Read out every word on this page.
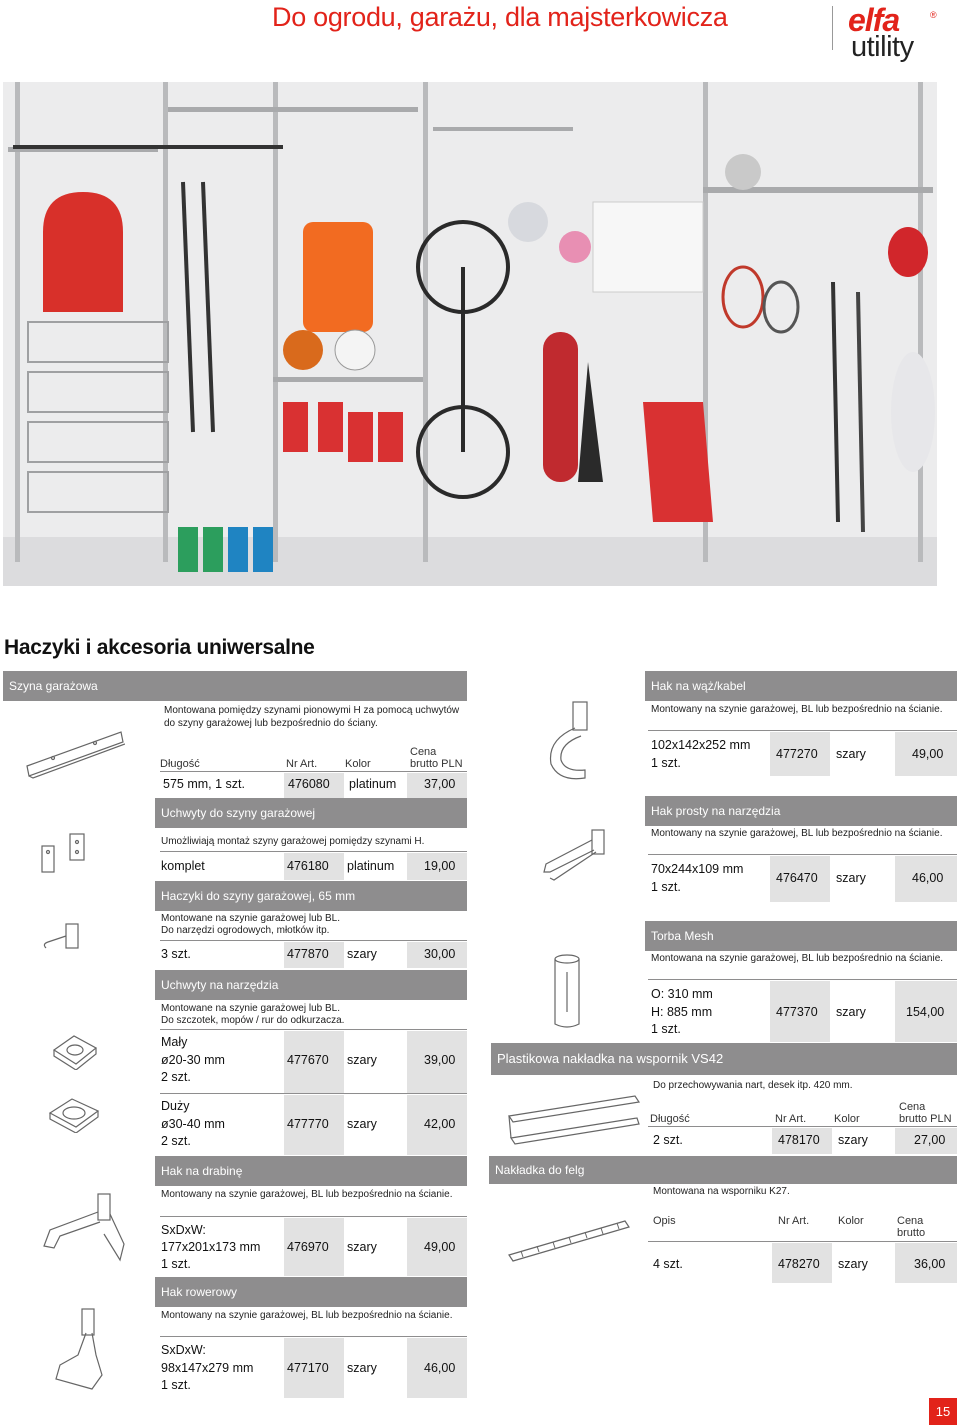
Do ogrodu, garażu, dla majsterkowicza	elfa	®
utility
Haczyki i akcesoria uniwersalne
Szyna garażowa
Montowana pomiędzy szynami pionowymi H za pomocą uchwytów do szyny garażowej lub bezpośrednio do ściany.
Długość	Nr Art.	Kolor
Cena
brutto PLN
575 mm, 1 szt.	476080 platinum 37,00
Uchwyty do szyny garażowej
Umożliwiają montaż szyny garażowej pomiędzy szynami H.
komplet	476180 platinum 19,00
Haczyki do szyny garażowej, 65 mm
Montowane na szynie garażowej lub BL.
Do narzędzi ogrodowych, młotków itp.
3 szt.	477870 szary	30,00
Uchwyty na narzędzia
Montowane na szynie garażowej lub BL.
Do szczotek, mopów / rur do odkurzacza.
Mały
ø20-30 mm
2 szt.
477670 szary	39,00
Duży
ø30-40 mm
2 szt.
477770 szary	42,00
Hak na drabinę
Montowany na szynie garażowej, BL lub bezpośrednio na ścianie.
SxDxW:
177x201x173 mm
1 szt.
476970 szary	49,00
Hak rowerowy
Montowany na szynie garażowej, BL lub bezpośrednio na ścianie.
SxDxW:
98x147x279 mm
1 szt.
477170 szary	46,00
Hak na wąż/kabel
Montowany na szynie garażowej, BL lub bezpośrednio na ścianie.
102x142x252 mm
1 szt.
477270 szary	49,00
Hak prosty na narzędzia
Montowany na szynie garażowej, BL lub bezpośrednio na ścianie.
70x244x109 mm
1 szt.
476470 szary	46,00
Torba Mesh
Montowana na szynie garażowej, BL lub bezpośrednio na ścianie.
O: 310 mm
H: 885 mm
1 szt.
477370 szary	154,00
Plastikowa nakładka na wspornik VS42
Do przechowywania nart, desek itp. 420 mm.
Długość	Nr Art.	Kolor
Cena
brutto PLN
2 szt.	478170 szary	27,00
Nakładka do felg
Montowana na wsporniku K27.
Opis	Nr Art.	Kolor	Cena
brutto
4 szt.	478270 szary	36,00
15
